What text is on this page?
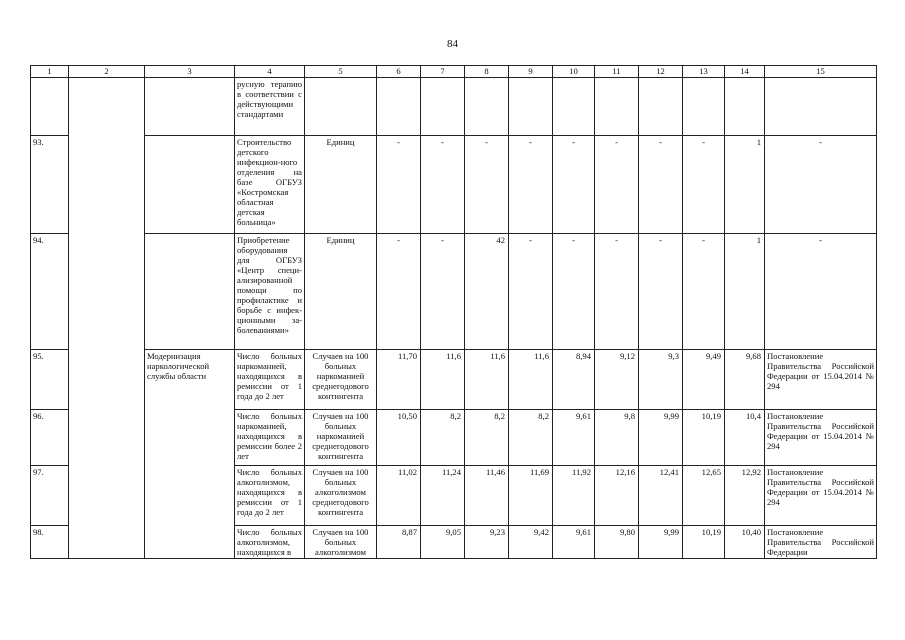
84
1	2	3	4	5	6	7	8	9	10	11	12	13	14	15
			русную терапию в соответствии с действующими стандартами											
93.			Строительство детского инфекцион-ного отделения на базе ОГБУЗ «Костромская областная детская больница»	Единиц	-	-	-	-	-	-	-	-	1	-
94.			Приобретение оборудования для ОГБУЗ «Центр специ-ализированной помощи по профилактике и борьбе с инфек-ционными за-болеваниями»	Единиц	-	-	42	-	-	-	-	-	1	-
95.		Модернизация наркологической службы области	Число больных наркоманией, находящихся в ремиссии от 1 года до 2 лет	Случаев на 100 больных наркоманией среднегодового контингента	11,70	11,6	11,6	11,6	8,94	9,12	9,3	9,49	9,68	Постановление Правительства Российской Федерации от 15.04.2014 № 294
96.			Число больных наркоманией, находящихся в ремиссии более 2 лет	Случаев на 100 больных наркоманией среднегодового контингента	10,50	8,2	8,2	8,2	9,61	9,8	9,99	10,19	10,4	Постановление Правительства Российской Федерации от 15.04.2014 № 294
97.			Число больных алкоголизмом, находящихся в ремиссии от 1 года до 2 лет	Случаев на 100 больных алкоголизмом среднегодового контингента	11,02	11,24	11,46	11,69	11,92	12,16	12,41	12,65	12,92	Постановление Правительства Российской Федерации от 15.04.2014 № 294
98.			Число больных алкоголизмом, находящихся в	Случаев на 100 больных алкоголизмом	8,87	9,05	9,23	9,42	9,61	9,80	9,99	10,19	10,40	Постановление Правительства Российской Федерации
